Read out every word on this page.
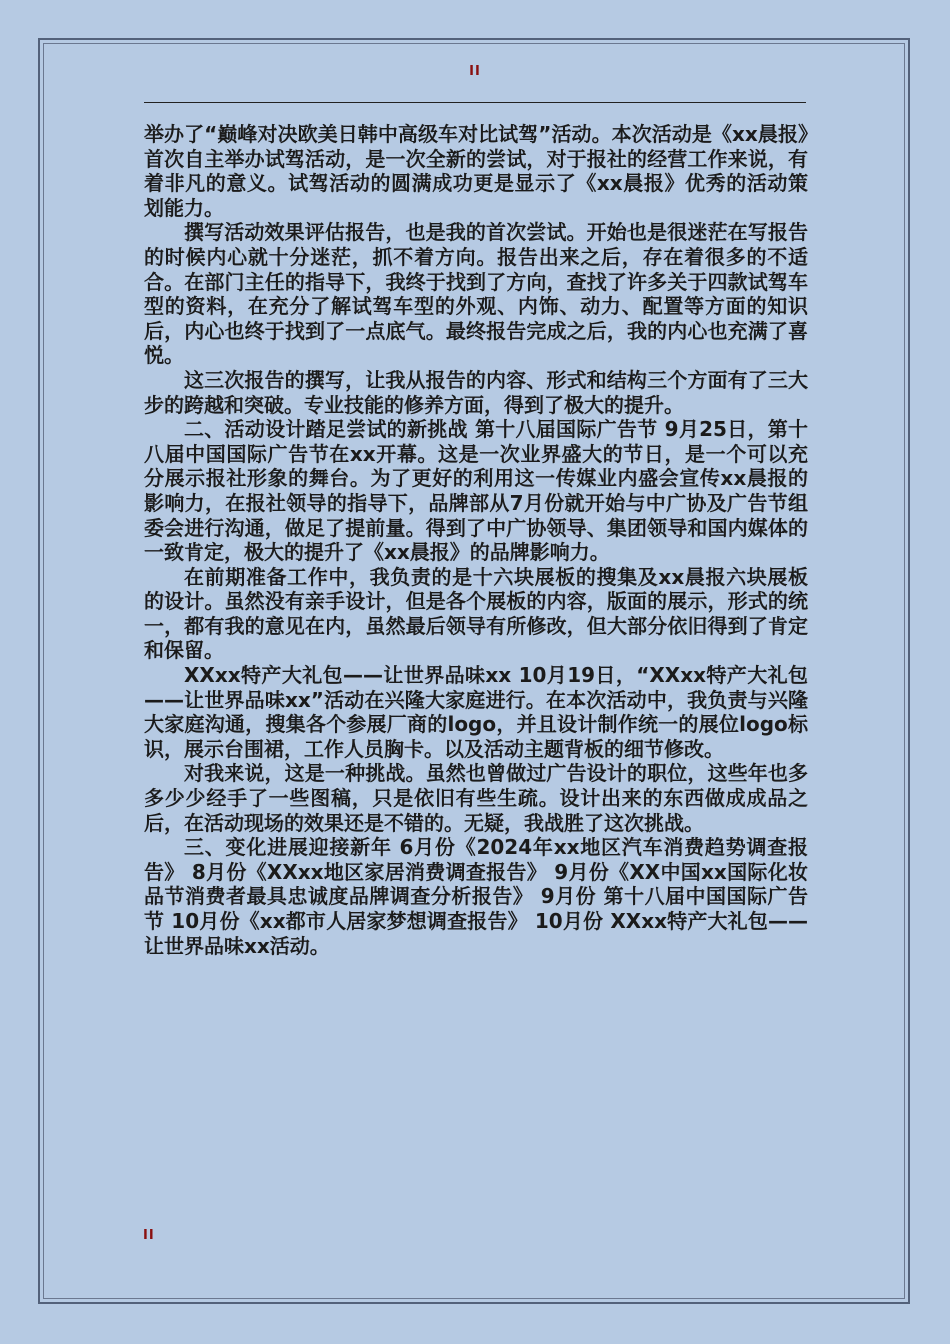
II

举办了“巅峰对决欧美日韩中高级车对比试驾”活动。本次活动是《xx晨报》首次自主举办试驾活动，是一次全新的尝试，对于报社的经营工作来说，有着非凡的意义。试驾活动的圆满成功更是显示了《xx晨报》优秀的活动策划能力。

撰写活动效果评估报告，也是我的首次尝试。开始也是很迷茫在写报告的时候内心就十分迷茫，抓不着方向。报告出来之后，存在着很多的不适合。在部门主任的指导下，我终于找到了方向，查找了许多关于四款试驾车型的资料，在充分了解试驾车型的外观、内饰、动力、配置等方面的知识后，内心也终于找到了一点底气。最终报告完成之后，我的内心也充满了喜悦。

这三次报告的撰写，让我从报告的内容、形式和结构三个方面有了三大步的跨越和突破。专业技能的修养方面，得到了极大的提升。

二、活动设计踏足尝试的新挑战 第十八届国际广告节 9月25日，第十八届中国国际广告节在xx开幕。这是一次业界盛大的节日，是一个可以充分展示报社形象的舞台。为了更好的利用这一传媒业内盛会宣传xx晨报的影响力，在报社领导的指导下，品牌部从7月份就开始与中广协及广告节组委会进行沟通，做足了提前量。得到了中广协领导、集团领导和国内媒体的一致肯定，极大的提升了《xx晨报》的品牌影响力。

在前期准备工作中，我负责的是十六块展板的搜集及xx晨报六块展板的设计。虽然没有亲手设计，但是各个展板的内容，版面的展示，形式的统一，都有我的意见在内，虽然最后领导有所修改，但大部分依旧得到了肯定和保留。

XXxx特产大礼包——让世界品味xx 10月19日，“XXxx特产大礼包——让世界品味xx”活动在兴隆大家庭进行。在本次活动中，我负责与兴隆大家庭沟通，搜集各个参展厂商的logo，并且设计制作统一的展位logo标识，展示台围裙，工作人员胸卡。以及活动主题背板的细节修改。

对我来说，这是一种挑战。虽然也曾做过广告设计的职位，这些年也多多少少经手了一些图稿，只是依旧有些生疏。设计出来的东西做成成品之后，在活动现场的效果还是不错的。无疑，我战胜了这次挑战。

三、变化进展迎接新年 6月份《2024年xx地区汽车消费趋势调查报告》 8月份《XXxx地区家居消费调查报告》 9月份《XX中国xx国际化妆品节消费者最具忠诚度品牌调查分析报告》 9月份 第十八届中国国际广告节 10月份《xx都市人居家梦想调查报告》 10月份 XXxx特产大礼包——让世界品味xx活动。

II
